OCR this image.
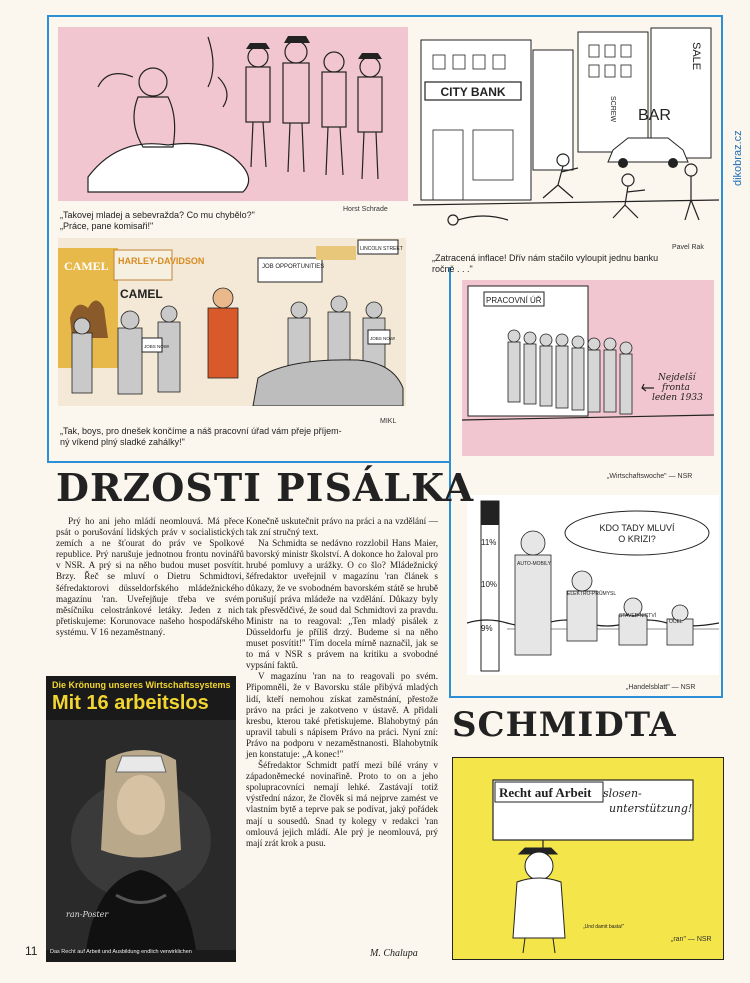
dikobraz.cz
„Takovej mladej a sebevražda? Co mu chybělo?"
„Práce, pane komisaři!"
Horst Schrade
CITY BANK
BAR
SCREW
SALE
Pavel Rak
„Zatracená inflace! Dřív nám stačilo vyloupit jednu banku
ročně . . ."
CAMEL HARLEY-DAVIDSON
CAMEL
JOB OPPORTUNITIES
LINCOLN STREET
JOBS NOW!
JOBS NOW!
MIKL
„Tak, boys, pro dnešek končíme a náš pracovní úřad vám přeje příjem-
ný víkend plný sladké zahálky!"
PRACOVNÍ ÚŘ
Nejdelší
fronta
leden 1933
„Wirtschaftswoche" — NSR
11%
10%
9%
KDO TADY MLUVÍ
O KRIZI?
AUTO-MOBILY
ELEKTRO-PRŮMYSL
STAVEB-NICTVÍ
OCEL
„Handelsblatt" — NSR
DRZOSTI PISÁLKA

Prý ho ani jeho mládí neomlouvá. Má přece psát o porušování lidských práv v socialistických zemích a ne šťourat do práv ve Spolkové republice. Prý narušuje jednotnou frontu novinářů v NSR. A prý si na něho budou muset posvítit. Brzy. Řeč se mluví o Dietru Schmidtovi, šéfredaktorovi düsseldorfského mládežnického magazínu 'ran. Uveřejňuje třeba ve svém měsíčníku celostránkové letáky. Jeden z nich přetiskujeme: Korunovace našeho hospodářského systému. V 16 nezaměstnaný.

Die Krönung unseres Wirtschaftssystems
Mit 16 arbeitslos
ran-Poster
Das Recht auf Arbeit und Ausbildung endlich verwirklichen
11

Konečně uskutečnit právo na práci a na vzdělání — tak zní stručný text.

Na Schmidta se nedávno rozzlobil Hans Maier, bavorský ministr školství. A dokonce ho žaloval pro hrubé pomluvy a urážky. O co šlo? Mládežnický šéfredaktor uveřejnil v magazínu 'ran článek s důkazy, že ve svobodném bavorském státě se hrubě porušují práva mládeže na vzdělání. Důkazy byly tak přesvědčivé, že soud dal Schmidtovi za pravdu. Ministr na to reagoval: „Ten mladý pisálek z Düsseldorfu je příliš drzý. Budeme si na něho muset posvítit!" Tím docela mírně naznačil, jak se to má v NSR s právem na kritiku a svobodné vypsání faktů.

V magazínu 'ran na to reagovali po svém. Připomněli, že v Bavorsku stále přibývá mladých lidí, kteří nemohou získat zaměstnání, přestože právo na práci je zakotveno v ústavě. A přidali kresbu, kterou také přetiskujeme. Blahobytný pán upravil tabuli s nápisem Právo na práci. Nyní zní: Právo na podporu v nezaměstnanosti. Blahobytník jen konstatuje: „A konec!"

Šéfredaktor Schmidt patří mezi bílé vrány v západoněmecké novinařině. Proto to on a jeho spolupracovníci nemají lehké. Zastávají totiž výstřední názor, že člověk si má nejprve zamést ve vlastním bytě a teprve pak se podívat, jaký pořádek mají u sousedů. Snad ty kolegy v redakci 'ran omlouvá jejich mládí. Ale prý je neomlouvá, prý mají zrát krok a pusu.

M. Chalupa
SCHMIDTA
Recht auf Arbeit slosen-
unterstützung!
„Und damit basta!"
„ran" — NSR
